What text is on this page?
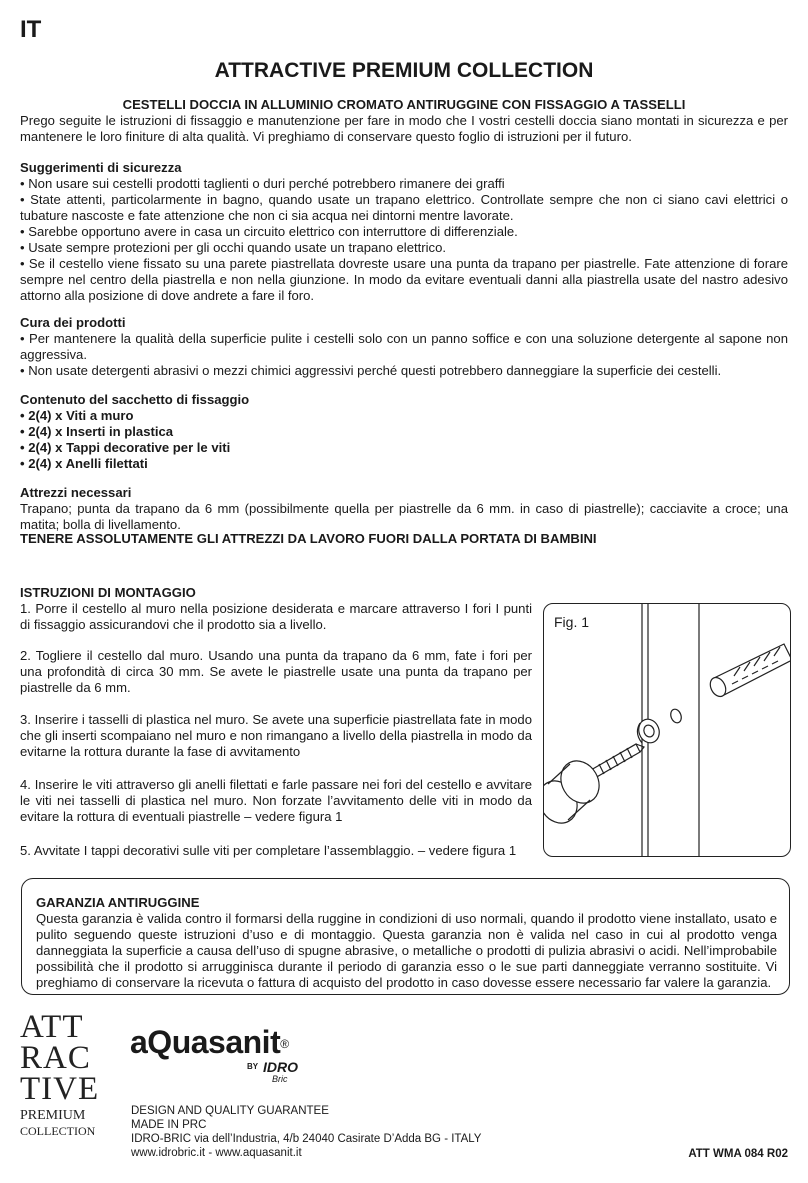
IT
ATTRACTIVE PREMIUM COLLECTION
CESTELLI DOCCIA IN ALLUMINIO CROMATO ANTIRUGGINE CON FISSAGGIO A TASSELLI
Prego seguite le istruzioni di fissaggio e manutenzione per fare in modo che I vostri cestelli doccia siano montati in sicurezza e per mantenere le loro finiture di alta qualità. Vi preghiamo di conservare questo foglio di istruzioni per il futuro.
Suggerimenti di sicurezza
• Non usare sui cestelli prodotti taglienti o duri perché potrebbero rimanere dei graffi
• State attenti, particolarmente in bagno, quando usate un trapano elettrico. Controllate sempre che non ci siano cavi elettrici o tubature nascoste e fate attenzione che non ci sia acqua nei dintorni mentre lavorate.
• Sarebbe opportuno avere in casa un circuito elettrico con interruttore di differenziale.
• Usate sempre protezioni per gli occhi quando usate un trapano elettrico.
• Se il cestello viene fissato su una parete piastrellata dovreste usare una punta da trapano per piastrelle. Fate attenzione di forare sempre nel centro della piastrella e non nella giunzione. In modo da evitare eventuali danni alla piastrella usate del nastro adesivo attorno alla posizione di dove andrete a fare il foro.
Cura dei prodotti
• Per mantenere la qualità della superficie pulite i cestelli solo con un panno soffice e con una soluzione detergente al sapone non aggressiva.
• Non usate detergenti abrasivi o mezzi chimici aggressivi perché questi potrebbero danneggiare la superficie dei cestelli.
Contenuto del sacchetto di fissaggio
• 2(4) x Viti a muro
• 2(4) x Inserti in plastica
• 2(4) x Tappi decorative per le viti
• 2(4) x Anelli filettati
Attrezzi necessari
Trapano; punta da trapano da 6 mm (possibilmente quella per piastrelle da 6 mm. in caso di piastrelle); cacciavite a croce; una matita; bolla di livellamento.
TENERE ASSOLUTAMENTE GLI ATTREZZI DA LAVORO FUORI DALLA PORTATA DI BAMBINI
ISTRUZIONI DI MONTAGGIO
1. Porre il cestello al muro nella posizione desiderata e marcare attraverso I fori I punti di fissaggio assicurandovi che il prodotto sia a livello.
2. Togliere il cestello dal muro. Usando una punta da trapano da 6 mm, fate i fori per una profondità di circa 30 mm. Se avete le piastrelle usate una punta da trapano per piastrelle da 6 mm.
3. Inserire i tasselli di plastica nel muro. Se avete una superficie piastrellata fate in modo che gli inserti scompaiano nel muro e non rimangano a livello della piastrella in modo da evitarne la rottura durante la fase di avvitamento
4. Inserire le viti attraverso gli anelli filettati e farle passare nei fori del cestello e avvitare le viti nei tasselli di plastica nel muro. Non forzate l’avvitamento delle viti in modo da evitare la rottura di eventuali piastrelle – vedere figura 1
5. Avvitate I tappi decorativi sulle viti per completare l’assemblaggio. – vedere figura 1
Fig. 1
GARANZIA ANTIRUGGINE
Questa garanzia è valida contro il formarsi della ruggine in condizioni di uso normali, quando il prodotto viene installato, usato e pulito seguendo queste istruzioni d’uso e di montaggio. Questa garanzia non è valida nel caso in cui al prodotto venga danneggiata la superficie a causa dell’uso di spugne abrasive, o metalliche o prodotti di pulizia abrasivi o acidi. Nell’improbabile possibilità che il prodotto si arrugginisca durante il periodo di garanzia esso o le sue parti danneggiate verranno sostituite. Vi preghiamo di conservare la ricevuta o fattura di acquisto del prodotto in caso dovesse essere necessario far valere la garanzia.
ATT
RAC
TIVE
PREMIUM
COLLECTION
aQuasanit®
BY IDRO
Bric
DESIGN AND QUALITY GUARANTEE
MADE IN PRC
IDRO-BRIC via dell’Industria, 4/b 24040 Casirate D’Adda BG - ITALY
www.idrobric.it - www.aquasanit.it	ATT WMA 084 R02
